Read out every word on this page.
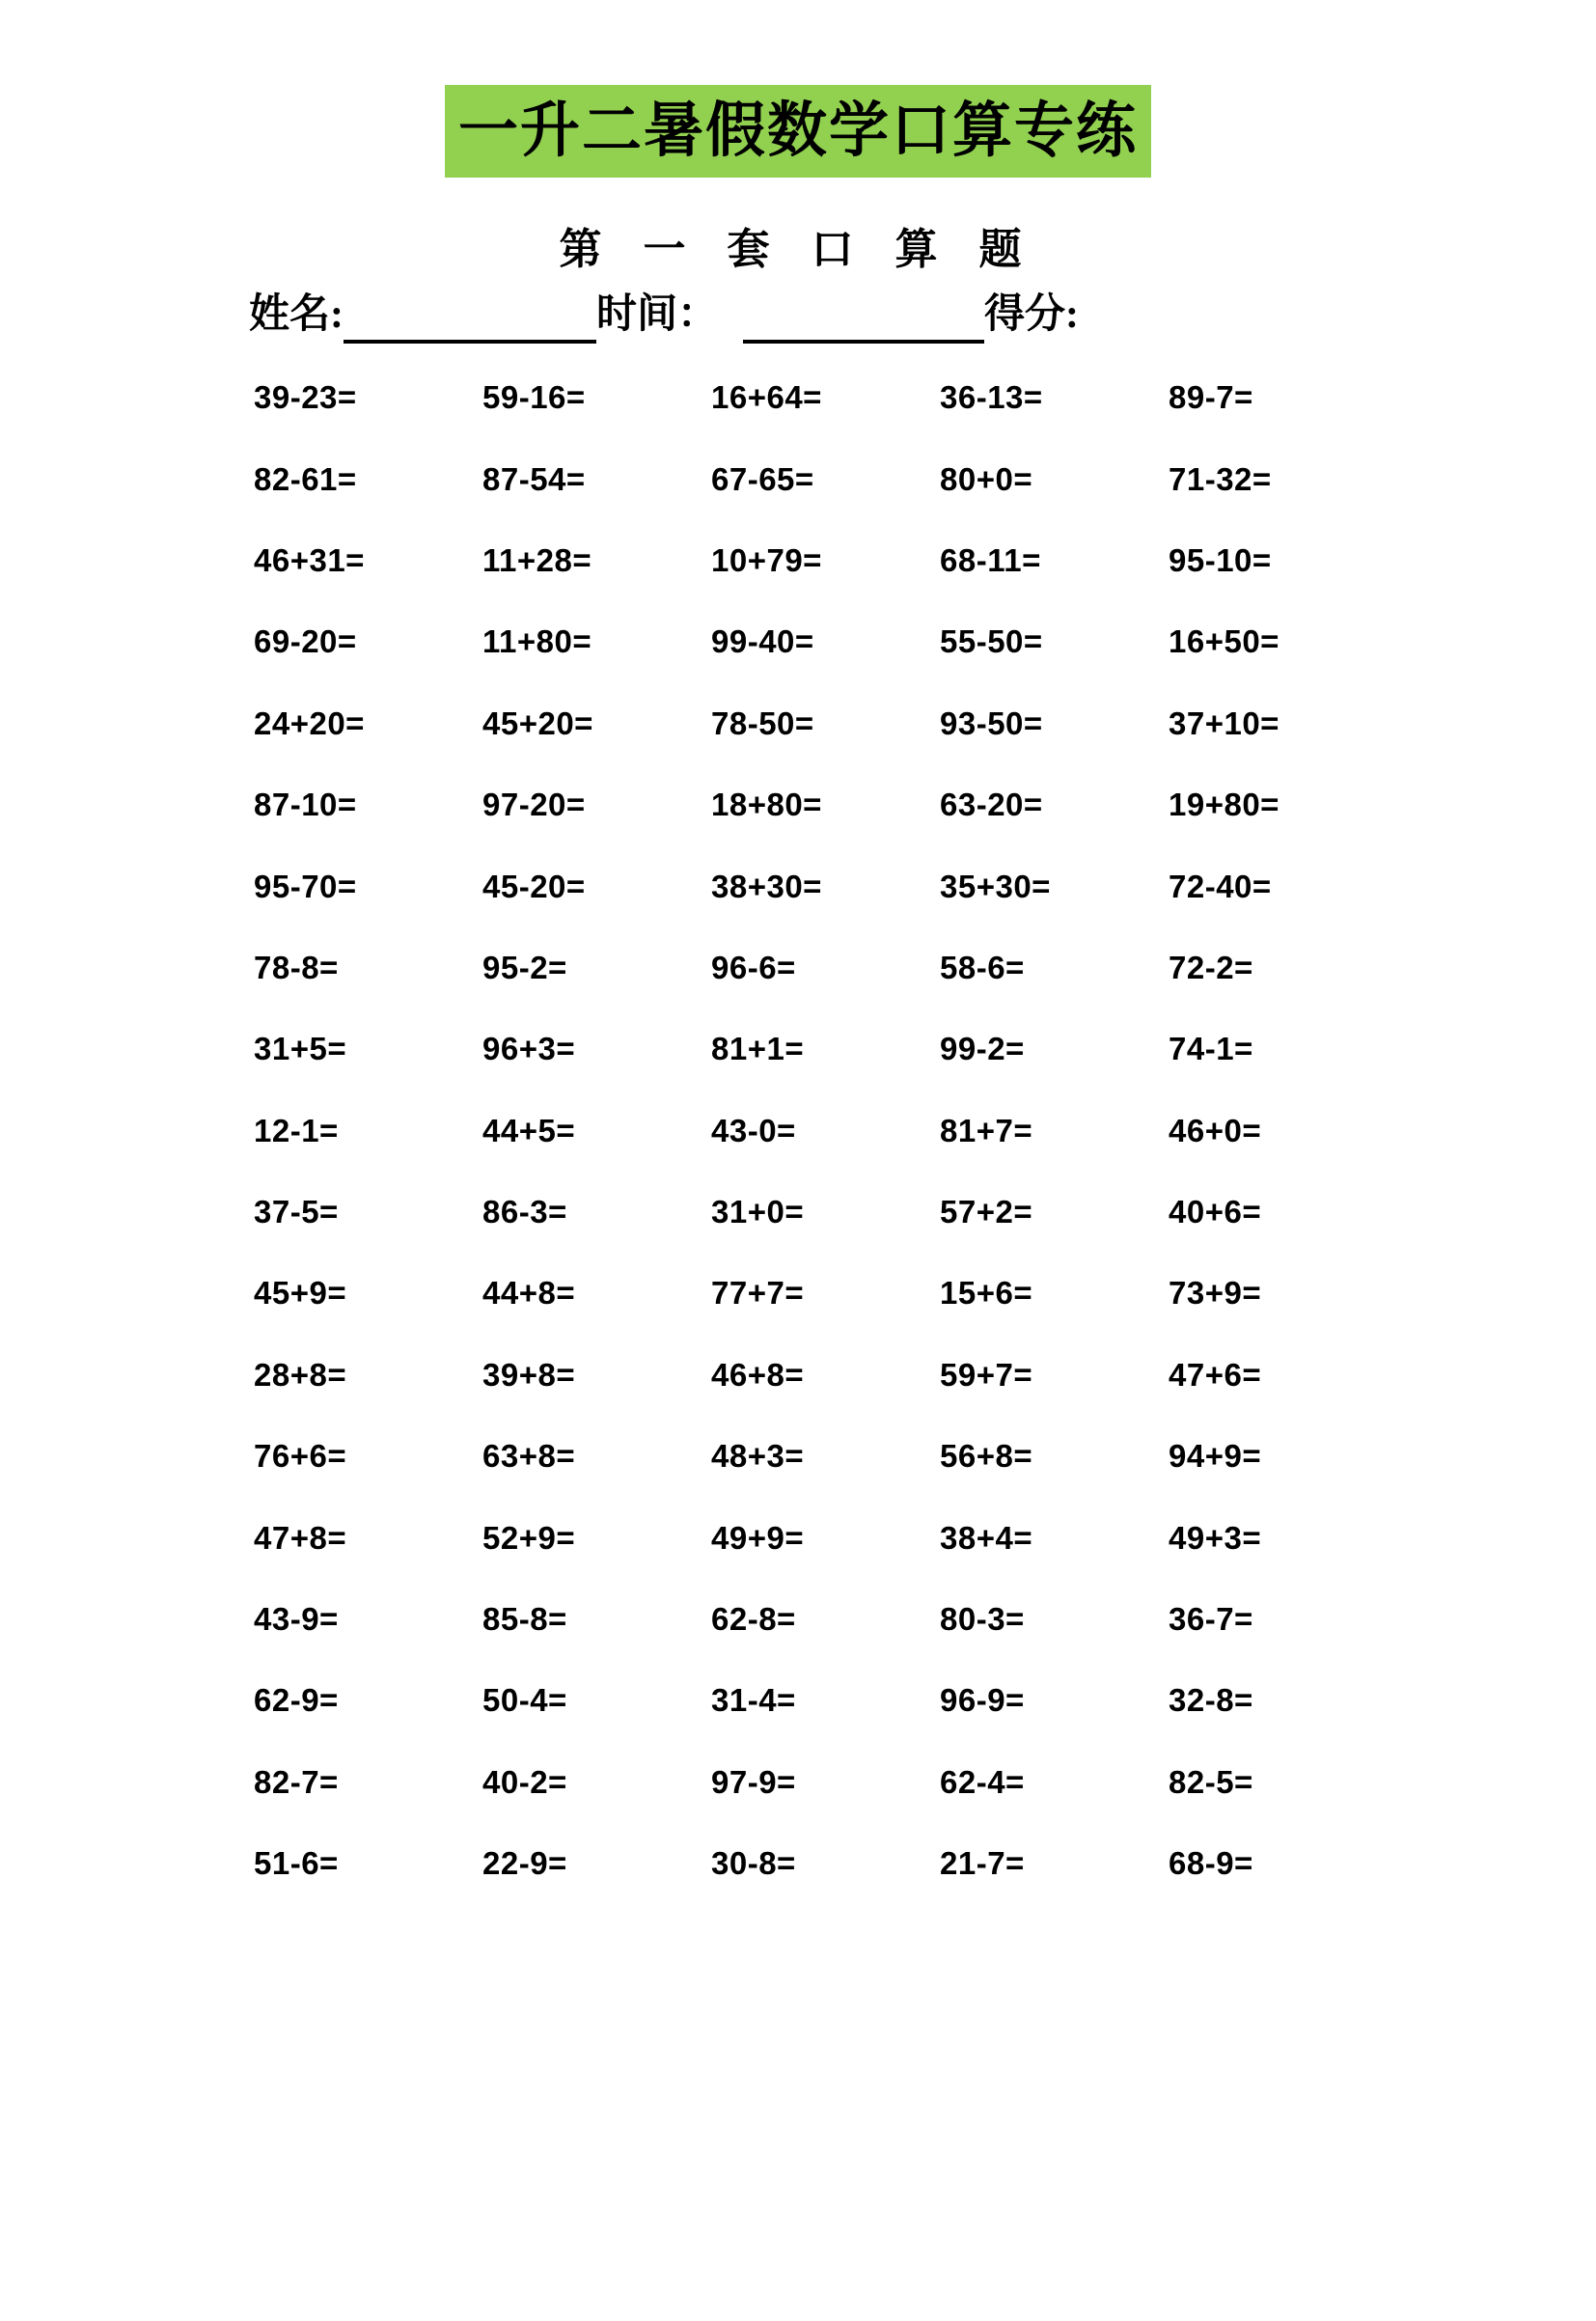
一升二暑假数学口算专练
第 一 套 口 算 题
姓名:	时间：	得分:
39-23=	59-16=	16+64=	36-13=	89-7=
82-61=	87-54=	67-65=	80+0=	71-32=
46+31=	11+28=	10+79=	68-11=	95-10=
69-20=	11+80=	99-40=	55-50=	16+50=
24+20=	45+20=	78-50=	93-50=	37+10=
87-10=	97-20=	18+80=	63-20=	19+80=
95-70=	45-20=	38+30=	35+30=	72-40=
78-8=	95-2=	96-6=	58-6=	72-2=
31+5=	96+3=	81+1=	99-2=	74-1=
12-1=	44+5=	43-0=	81+7=	46+0=
37-5=	86-3=	31+0=	57+2=	40+6=
45+9=	44+8=	77+7=	15+6=	73+9=
28+8=	39+8=	46+8=	59+7=	47+6=
76+6=	63+8=	48+3=	56+8=	94+9=
47+8=	52+9=	49+9=	38+4=	49+3=
43-9=	85-8=	62-8=	80-3=	36-7=
62-9=	50-4=	31-4=	96-9=	32-8=
82-7=	40-2=	97-9=	62-4=	82-5=
51-6=	22-9=	30-8=	21-7=	68-9=
